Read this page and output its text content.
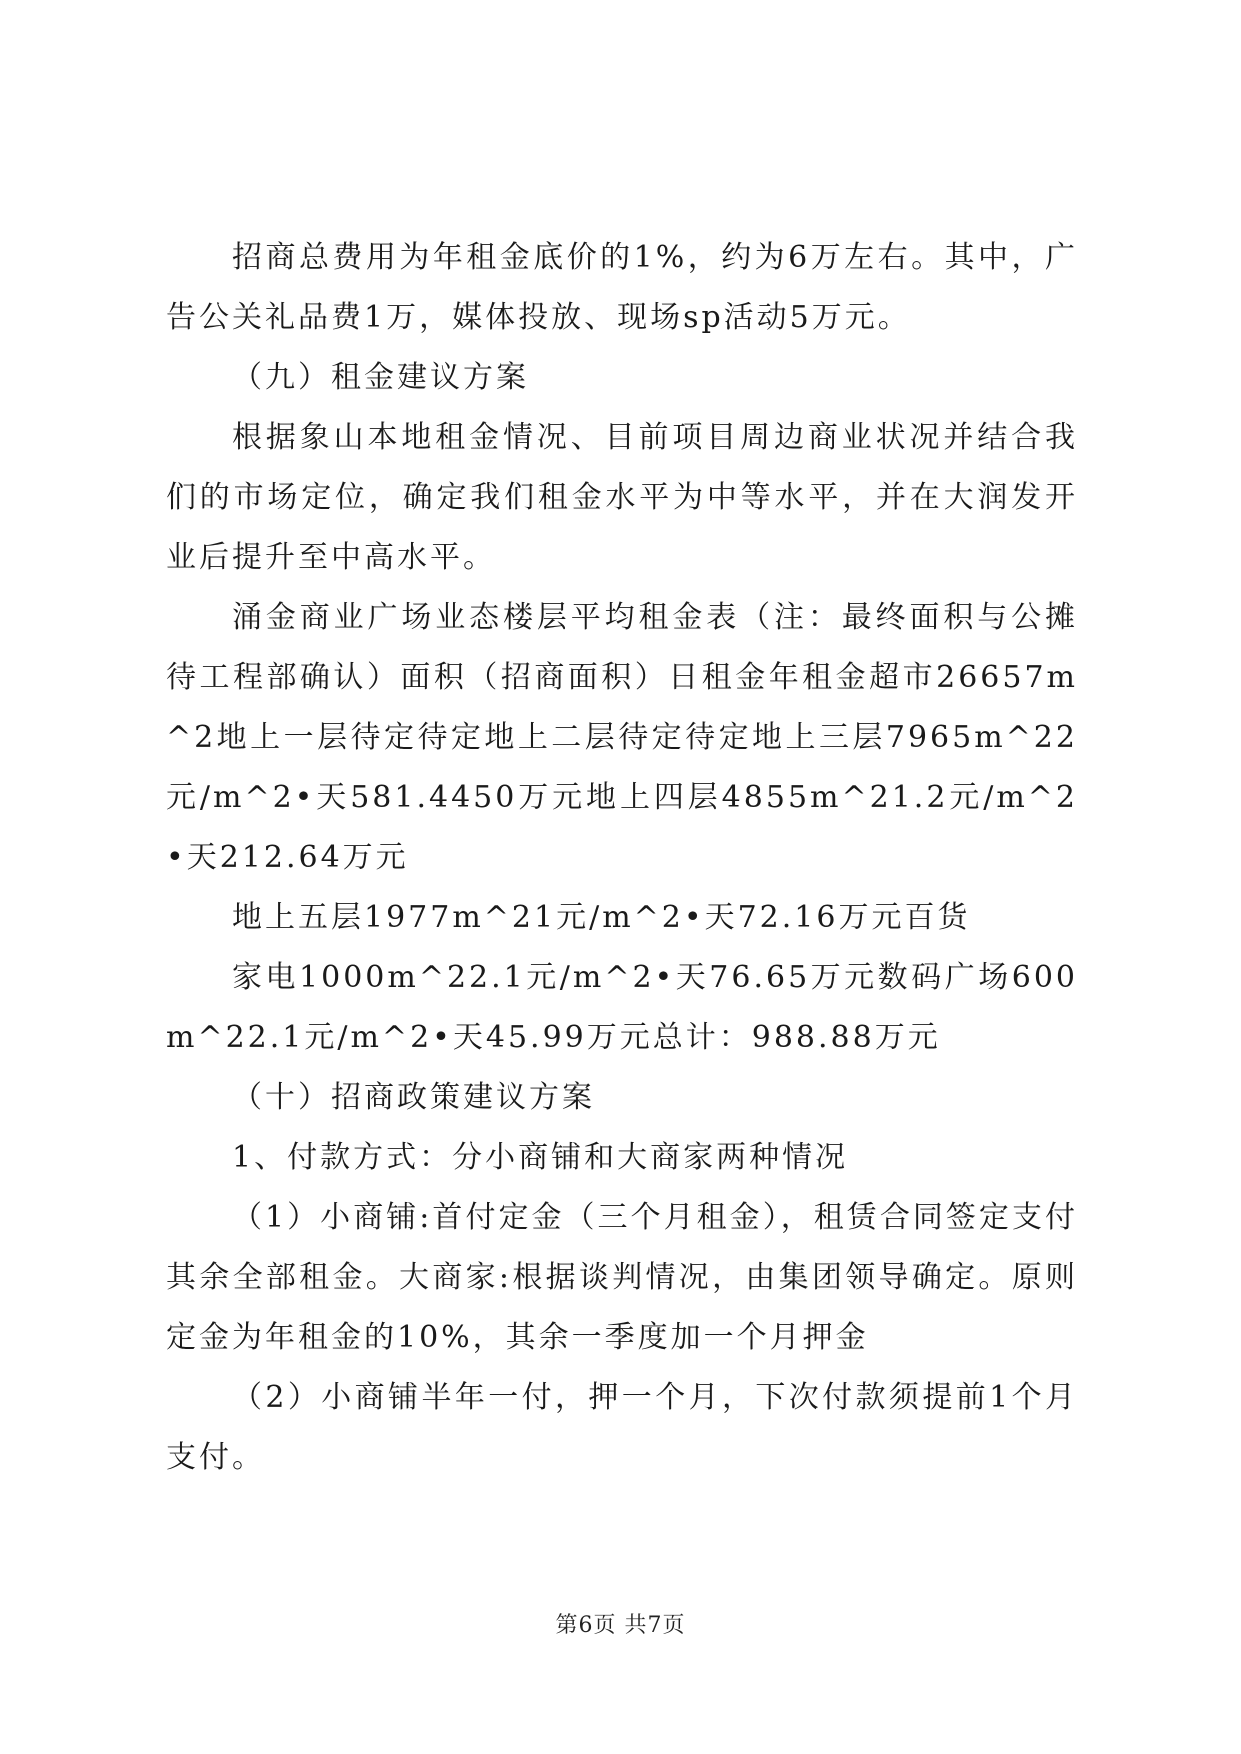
招商总费用为年租金底价的1%，约为6万左右。其中，广告公关礼品费1万，媒体投放、现场sp活动5万元。

（九）租金建议方案

根据象山本地租金情况、目前项目周边商业状况并结合我们的市场定位，确定我们租金水平为中等水平，并在大润发开业后提升至中高水平。

涌金商业广场业态楼层平均租金表（注：最终面积与公摊待工程部确认）面积（招商面积）日租金年租金超市26657m^2地上一层待定待定地上二层待定待定地上三层7965m^22元/m^2•天581.4450万元地上四层4855m^21.2元/m^2•天212.64万元

地上五层1977m^21元/m^2•天72.16万元百货

家电1000m^22.1元/m^2•天76.65万元数码广场600m^22.1元/m^2•天45.99万元总计：988.88万元

（十）招商政策建议方案

1、付款方式：分小商铺和大商家两种情况

（1）小商铺:首付定金（三个月租金），租赁合同签定支付其余全部租金。大商家:根据谈判情况，由集团领导确定。原则定金为年租金的10%，其余一季度加一个月押金

（2）小商铺半年一付，押一个月，下次付款须提前1个月支付。

第6页 共7页
